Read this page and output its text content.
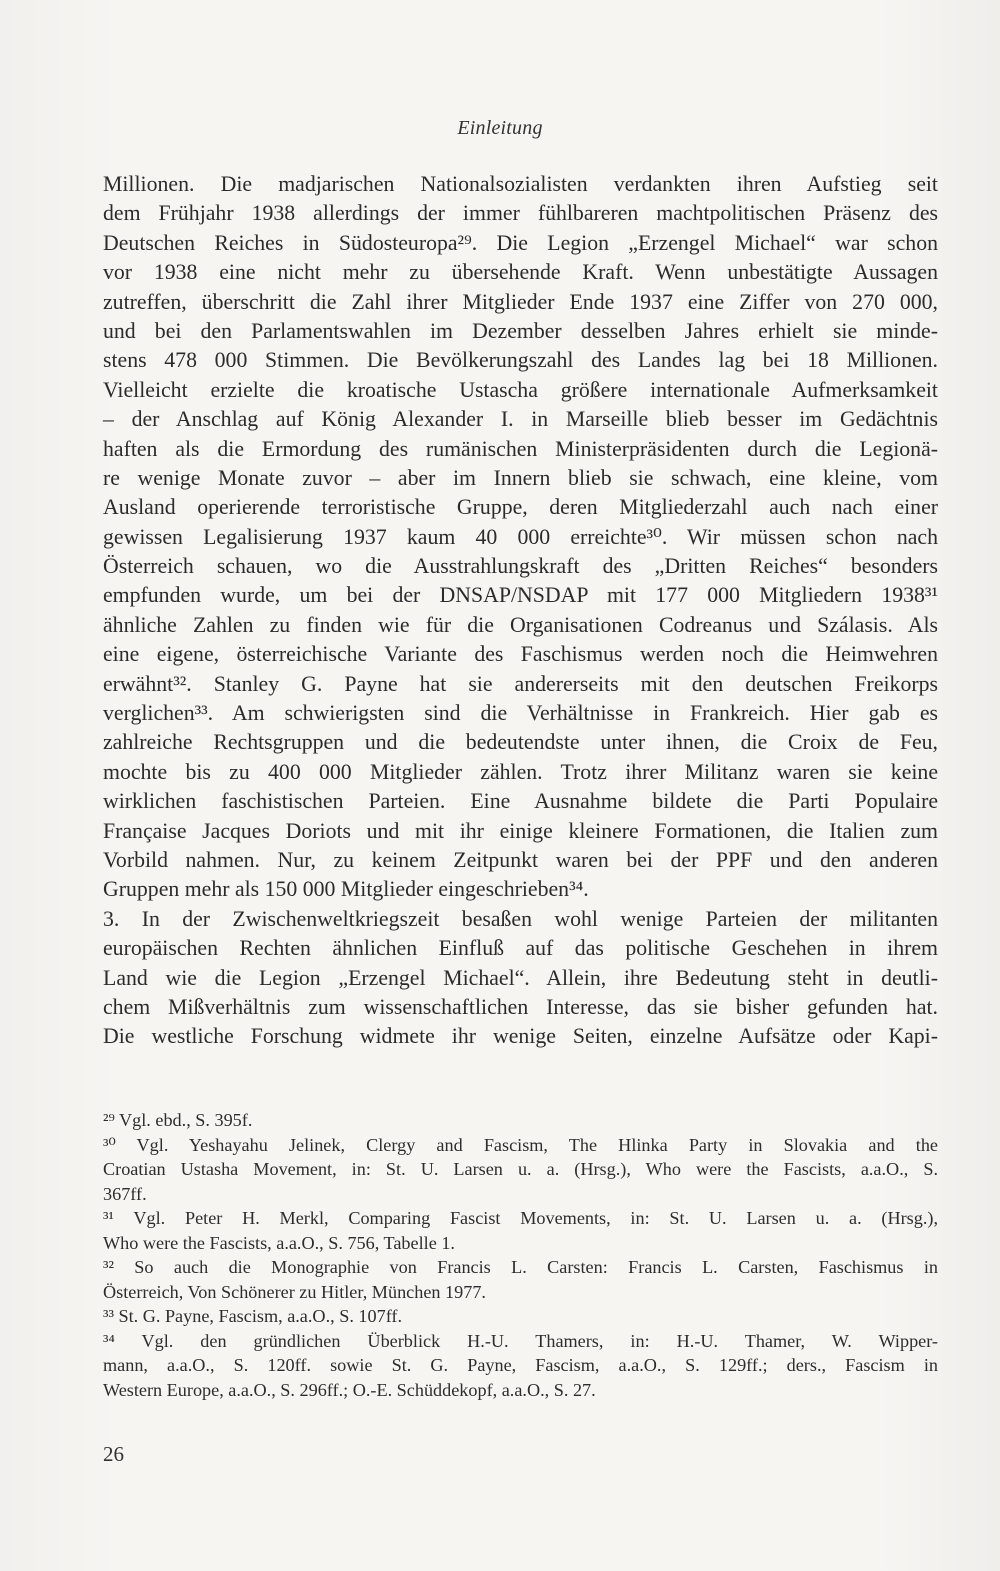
Einleitung
Millionen. Die madjarischen Nationalsozialisten verdankten ihren Aufstieg seit
dem Frühjahr 1938 allerdings der immer fühlbareren machtpolitischen Präsenz des
Deutschen Reiches in Südosteuropa²⁹. Die Legion „Erzengel Michael“ war schon
vor 1938 eine nicht mehr zu übersehende Kraft. Wenn unbestätigte Aussagen
zutreffen, überschritt die Zahl ihrer Mitglieder Ende 1937 eine Ziffer von 270 000,
und bei den Parlamentswahlen im Dezember desselben Jahres erhielt sie minde-
stens 478 000 Stimmen. Die Bevölkerungszahl des Landes lag bei 18 Millionen.
Vielleicht erzielte die kroatische Ustascha größere internationale Aufmerksamkeit
– der Anschlag auf König Alexander I. in Marseille blieb besser im Gedächtnis
haften als die Ermordung des rumänischen Ministerpräsidenten durch die Legionä-
re wenige Monate zuvor – aber im Innern blieb sie schwach, eine kleine, vom
Ausland operierende terroristische Gruppe, deren Mitgliederzahl auch nach einer
gewissen Legalisierung 1937 kaum 40 000 erreichte³⁰. Wir müssen schon nach
Österreich schauen, wo die Ausstrahlungskraft des „Dritten Reiches“ besonders
empfunden wurde, um bei der DNSAP/NSDAP mit 177 000 Mitgliedern 1938³¹
ähnliche Zahlen zu finden wie für die Organisationen Codreanus und Szálasis. Als
eine eigene, österreichische Variante des Faschismus werden noch die Heimwehren
erwähnt³². Stanley G. Payne hat sie andererseits mit den deutschen Freikorps
verglichen³³. Am schwierigsten sind die Verhältnisse in Frankreich. Hier gab es
zahlreiche Rechtsgruppen und die bedeutendste unter ihnen, die Croix de Feu,
mochte bis zu 400 000 Mitglieder zählen. Trotz ihrer Militanz waren sie keine
wirklichen faschistischen Parteien. Eine Ausnahme bildete die Parti Populaire
Française Jacques Doriots und mit ihr einige kleinere Formationen, die Italien zum
Vorbild nahmen. Nur, zu keinem Zeitpunkt waren bei der PPF und den anderen
Gruppen mehr als 150 000 Mitglieder eingeschrieben³⁴.
3. In der Zwischenweltkriegszeit besaßen wohl wenige Parteien der militanten
europäischen Rechten ähnlichen Einfluß auf das politische Geschehen in ihrem
Land wie die Legion „Erzengel Michael“. Allein, ihre Bedeutung steht in deutli-
chem Mißverhältnis zum wissenschaftlichen Interesse, das sie bisher gefunden hat.
Die westliche Forschung widmete ihr wenige Seiten, einzelne Aufsätze oder Kapi-
²⁹ Vgl. ebd., S. 395f.
³⁰ Vgl. Yeshayahu Jelinek, Clergy and Fascism, The Hlinka Party in Slovakia and the
Croatian Ustasha Movement, in: St. U. Larsen u. a. (Hrsg.), Who were the Fascists, a.a.O., S.
367ff.
³¹ Vgl. Peter H. Merkl, Comparing Fascist Movements, in: St. U. Larsen u. a. (Hrsg.),
Who were the Fascists, a.a.O., S. 756, Tabelle 1.
³² So auch die Monographie von Francis L. Carsten: Francis L. Carsten, Faschismus in
Österreich, Von Schönerer zu Hitler, München 1977.
³³ St. G. Payne, Fascism, a.a.O., S. 107ff.
³⁴ Vgl. den gründlichen Überblick H.-U. Thamers, in: H.-U. Thamer, W. Wipper-
mann, a.a.O., S. 120ff. sowie St. G. Payne, Fascism, a.a.O., S. 129ff.; ders., Fascism in
Western Europe, a.a.O., S. 296ff.; O.-E. Schüddekopf, a.a.O., S. 27.
26
